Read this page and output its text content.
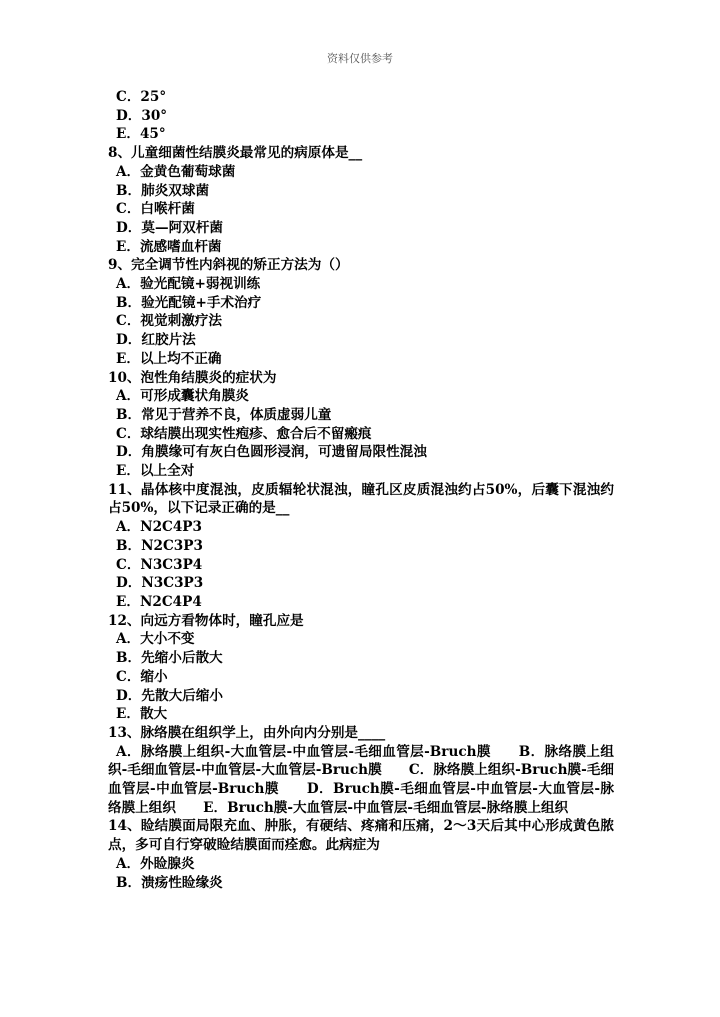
资料仅供参考
C．25°
D．30°
E．45°
8、儿童细菌性结膜炎最常见的病原体是__
A．金黄色葡萄球菌
B．肺炎双球菌
C．白喉杆菌
D．莫—阿双杆菌
E．流感嗜血杆菌
9、完全调节性内斜视的矫正方法为（）
A．验光配镜+弱视训练
B．验光配镜+手术治疗
C．视觉刺激疗法
D．红胶片法
E．以上均不正确
10、泡性角结膜炎的症状为
A．可形成囊状角膜炎
B．常见于营养不良，体质虚弱儿童
C．球结膜出现实性疱疹、愈合后不留瘢痕
D．角膜缘可有灰白色圆形浸润，可遗留局限性混浊
E．以上全对
11、晶体核中度混浊，皮质辐轮状混浊，瞳孔区皮质混浊约占50%，后囊下混浊约占50%，以下记录正确的是__
A．N2C4P3
B．N2C3P3
C．N3C3P4
D．N3C3P3
E．N2C4P4
12、向远方看物体时，瞳孔应是
A．大小不变
B．先缩小后散大
C．缩小
D．先散大后缩小
E．散大
13、脉络膜在组织学上，由外向内分别是____
A．脉络膜上组织-大血管层-中血管层-毛细血管层-Bruch膜　　B．脉络膜上组织-毛细血管层-中血管层-大血管层-Bruch膜　　C．脉络膜上组织-Bruch膜-毛细血管层-中血管层-Bruch膜　　D．Bruch膜-毛细血管层-中血管层-大血管层-脉络膜上组织　　E．Bruch膜-大血管层-中血管层-毛细血管层-脉络膜上组织
14、睑结膜面局限充血、肿胀，有硬结、疼痛和压痛，2～3天后其中心形成黄色脓点，多可自行穿破睑结膜面而痊愈。此病症为
A．外睑腺炎
B．溃疡性睑缘炎
